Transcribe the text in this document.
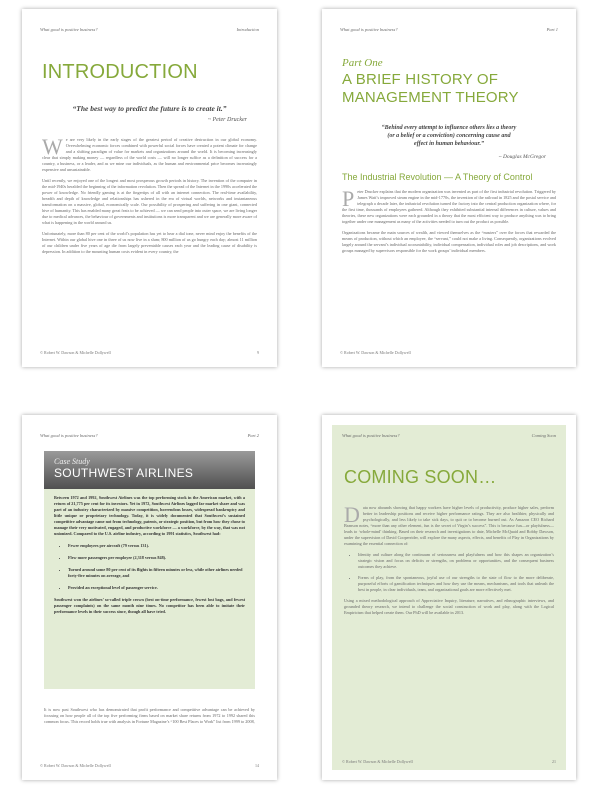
What good is positive business?	Introduction
INTRODUCTION
“The best way to predict the future is to create it.”
~ Peter Drucker

We are very likely in the early stages of the greatest period of creative destruction in our global economy. Overwhelming economic forces combined with powerful social forces have created a potent climate for change and a shifting paradigm of value for markets and organizations around the world. It is becoming increasingly clear that simply making money — regardless of the world costs — will no longer suffice as a definition of success for a country, a business, or a leader, and as we mine our individuals, as the human and environmental price becomes increasingly expensive and unsustainable.

Until recently, we enjoyed one of the longest and most prosperous growth periods in history. The invention of the computer in the mid-1940s heralded the beginning of the information revolution. Then the spread of the Internet in the 1990s accelerated the power of knowledge. No friendly gaming is at the fingertips of all with an internet connection. The real-time availability, breadth and depth of knowledge and relationships has ushered in the era of virtual worlds, networks and instantaneous transformation on a massive, global, economically scale. Our possibility of prospering and suffering in one giant, connected hive of humanity. This has enabled many great feats to be achieved — we can send people into outer space, we are living longer due to medical advances, the behaviour of governments and institutions is more transparent and we are generally more aware of what is happening in the world around us.

Unfortunately, more than 80 per cent of the world’s population has yet to hear a dial tone, never mind enjoy the benefits of the Internet. Within our global hive one in three of us now live in a slum; 800 million of us go hungry each day; almost 11 million of our children under five years of age die from largely preventable causes each year and the leading cause of disability is depression. In addition to the mounting human costs evident in every country, the

© Robert W. Dawson & Michelle Dollywell	9
What good is positive business?	Part 1
Part One
A BRIEF HISTORY OF
MANAGEMENT THEORY
“Behind every attempt to influence others lies a theory
(or a belief or a conviction) concerning cause and
effect in human behaviour.”
~ Douglas McGregor
The Industrial Revolution — A Theory of Control

Peter Drucker explains that the modern organization was invented as part of the first industrial revolution. Triggered by James Watt’s improved steam engine in the mid-1770s, the invention of the railroad in 1825 and the postal service and telegraph a decade later, the industrial revolution turned the factory into the central production organization where, for the first time, thousands of employees gathered. Although they exhibited substantial internal differences in culture, values and theories, these new organizations were each grounded in a theory that the most efficient way to produce anything was to bring together under one management as many of the activities needed to turn out the product as possible.

Organizations became the main sources of wealth, and viewed themselves as the “masters” over the forces that rewarded the means of production, without which an employee, the “servant,” could not make a living. Consequently, organizations evolved largely around the servant’s individual accountability, individual compensation, individual roles and job descriptions, and work groups managed by supervisors responsible for the work groups’ individual members.

© Robert W. Dawson & Michelle Dollywell
What good is positive business?	Part 2
Case Study
SOUTHWEST AIRLINES

Between 1972 and 1992, Southwest Airlines was the top performing stock in the American market, with a return of 21,775 per cent for its investors. Yet in 1972, Southwest Airlines lagged far market share and was part of an industry characterized by massive competition, horrendous losses, widespread bankruptcy and little unique or proprietary technology. Today, it is widely documented that Southwest’s sustained competitive advantage came not from technology, patents, or strategic position, but from how they chose to manage their very motivated, engaged, and productive workforce — a workforce, by the way, that was not unionized. Compared to the U.S. airline industry, according to 1991 statistics, Southwest had:

• Fewer employees per aircraft (79 versus 131).
• Flew more passengers per employee (2,318 versus 848).
• Turned around some 80 per cent of its flights in fifteen minutes or less, while other airlines needed forty-five minutes on average, and
• Provided an exceptional level of passenger service.

Southwest won the airlines’ so-called triple crown (best on-time performance, fewest lost bags, and fewest passenger complaints) on the same month nine times. No competitor has been able to imitate their performance levels in their success since, though all have tried.

It is now past Southwest who has demonstrated that profit performance and competitive advantage can be achieved by focusing on how people all of the top five performing firms based on market share returns from 1972 to 1992 shared this common focus. This record holds true with analysis in Fortune Magazine’s “100 Best Places to Work” list from 1999 to 2008,

© Robert W. Dawson & Michelle Dollywell	14
What good is positive business?	Coming Soon
COMING SOON…

Data now abounds showing that happy workers have higher levels of productivity, produce higher sales, perform better in leadership positions and receive higher performance ratings. They are also healthier, physically and psychologically, and less likely to take sick days, to quit or to become burned out. As Amazon CEO Richard Branson notes, “more than any other element, fun is the secret of Virgin’s success”. This is because fun—or playfulness—leads to ‘whole-mind’ thinking. Based on their research and investigations to date, Michelle McQuaid and Robby Dawson, under the supervision of David Cooperrider, will explore the many aspects, effects, and benefits of Play in Organizations by examining the essential connection of:

• Identity and culture along the continuum of seriousness and playfulness and how this shapes an organization’s strategic vision and focus on deficits or strengths, on problems or opportunities, and the consequent business outcomes they achieve.
• Forms of play, from the spontaneous, joyful use of our strengths to the state of flow to the more deliberate, purposeful efforts of gamification techniques and how they use the means, mechanisms, and tools that unleash the best in people, in clear individuals, team, and organizational goals are more effectively met.

Using a mixed methodological approach of Appreciative Inquiry, literature, narratives, and ethnographic interviews, and grounded theory research, we intend to challenge the social construction of work and play, along with the Logical Empiricism that helped create them. Our PhD will be available in 2013.

© Robert W. Dawson & Michelle Dollywell	21
